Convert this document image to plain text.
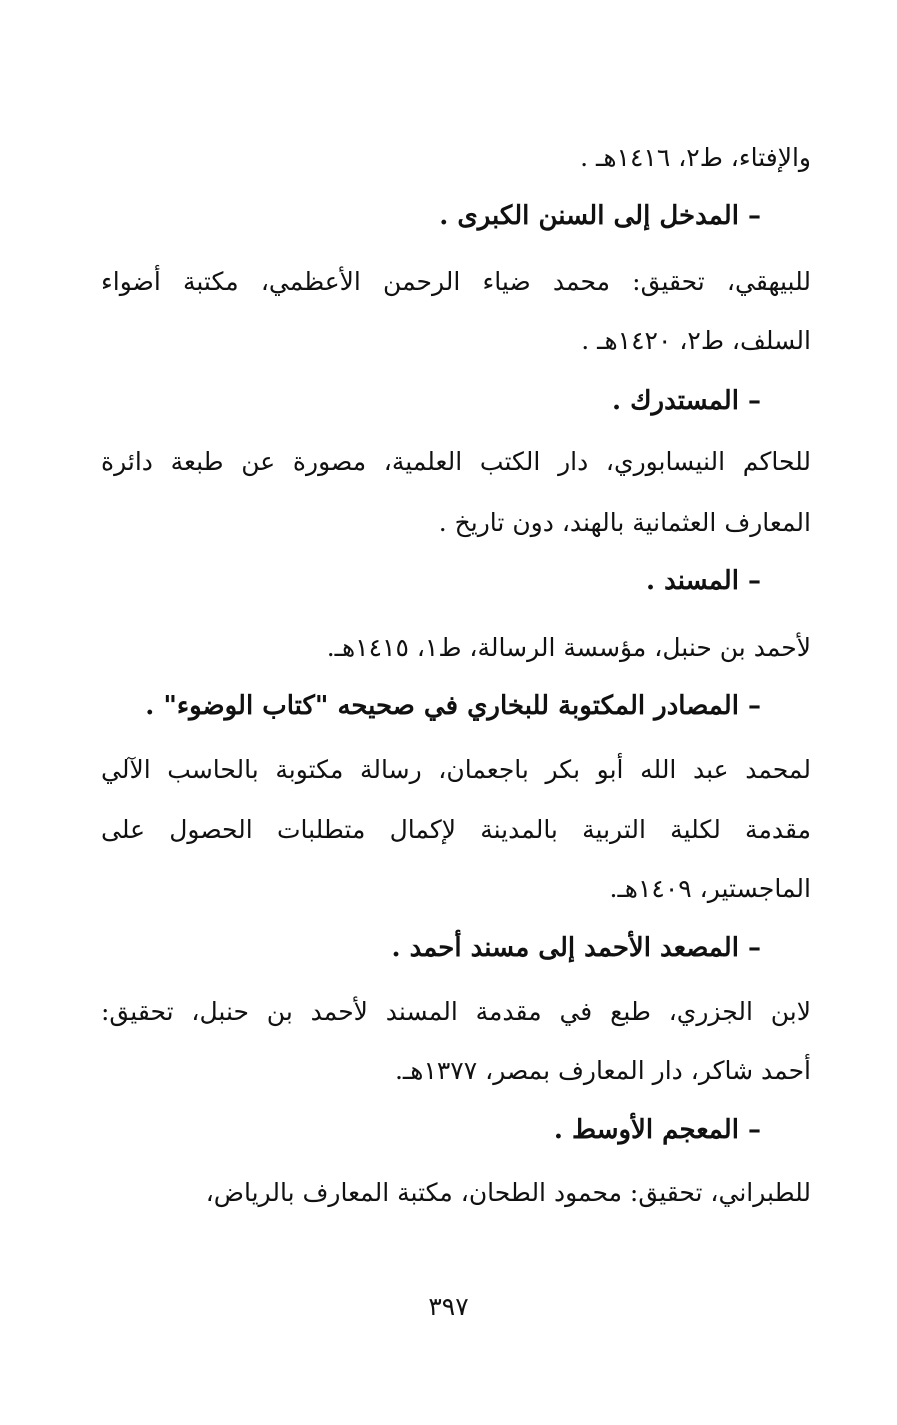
والإفتاء، ط٢، ١٤١٦هـ .
– المدخل إلى السنن الكبرى .
للبيهقي، تحقيق: محمد ضياء الرحمن الأعظمي، مكتبة أضواء
السلف، ط٢، ١٤٢٠هـ .
– المستدرك .
للحاكم النيسابوري، دار الكتب العلمية، مصورة عن طبعة دائرة
المعارف العثمانية بالهند، دون تاريخ .
– المسند .
لأحمد بن حنبل، مؤسسة الرسالة، ط١، ١٤١٥هـ.
– المصادر المكتوبة للبخاري في صحيحه "كتاب الوضوء" .
لمحمد عبد الله أبو بكر باجعمان، رسالة مكتوبة بالحاسب الآلي
مقدمة لكلية التربية بالمدينة لإكمال متطلبات الحصول على
الماجستير، ١٤٠٩هـ.
– المصعد الأحمد إلى مسند أحمد .
لابن الجزري، طبع في مقدمة المسند لأحمد بن حنبل، تحقيق:
أحمد شاكر، دار المعارف بمصر، ١٣٧٧هـ.
– المعجم الأوسط .
للطبراني، تحقيق: محمود الطحان، مكتبة المعارف بالرياض،
٣٩٧
